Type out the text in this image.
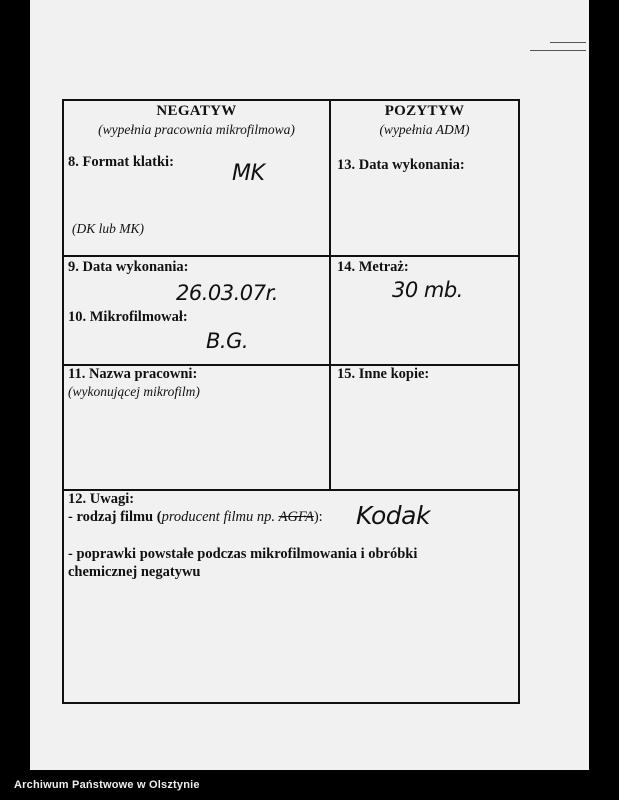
NEGATYW
(wypełnia pracownia mikrofilmowa)
8. Format klatki:	MK
(DK lub MK)
POZYTYW
(wypełnia ADM)
13. Data wykonania:
9. Data wykonania:
26.03.07r.
10. Mikrofilmował:
B.G.
14. Metraż:
30 mb.
11. Nazwa pracowni:
(wykonującej mikrofilm)
15. Inne kopie:
12. Uwagi:
- rodzaj filmu (producent filmu np. AGFA): Kodak
- poprawki powstałe podczas mikrofilmowania i obróbki
chemicznej negatywu
Archiwum Państwowe w Olsztynie
